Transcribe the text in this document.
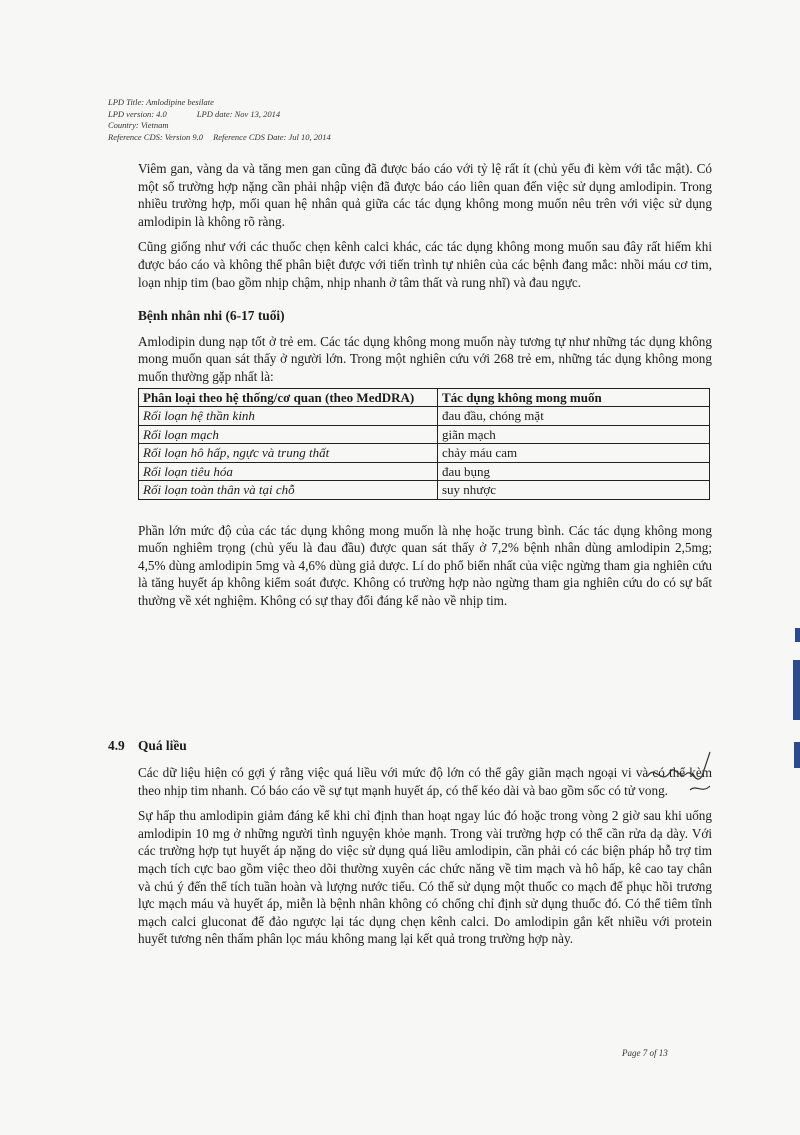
LPD Title: Amlodipine besilate
LPD version: 4.0	LPD date: Nov 13, 2014
Country: Vietnam
Reference CDS: Version 9.0 Reference CDS Date: Jul 10, 2014

Viêm gan, vàng da và tăng men gan cũng đã được báo cáo với tỷ lệ rất ít (chủ yếu đi kèm với tắc mật). Có một số trường hợp nặng cần phải nhập viện đã được báo cáo liên quan đến việc sử dụng amlodipin. Trong nhiều trường hợp, mối quan hệ nhân quả giữa các tác dụng không mong muốn nêu trên với việc sử dụng amlodipin là không rõ ràng.

Cũng giống như với các thuốc chẹn kênh calci khác, các tác dụng không mong muốn sau đây rất hiếm khi được báo cáo và không thể phân biệt được với tiến trình tự nhiên của các bệnh đang mắc: nhồi máu cơ tim, loạn nhịp tim (bao gồm nhịp chậm, nhịp nhanh ở tâm thất và rung nhĩ) và đau ngực.

Bệnh nhân nhi (6-17 tuổi)

Amlodipin dung nạp tốt ở trẻ em. Các tác dụng không mong muốn này tương tự như những tác dụng không mong muốn quan sát thấy ở người lớn. Trong một nghiên cứu với 268 trẻ em, những tác dụng không mong muốn thường gặp nhất là:

Phân loại theo hệ thống/cơ quan (theo MedDRA)	Tác dụng không mong muốn
Rối loạn hệ thần kinh	đau đầu, chóng mặt
Rối loạn mạch	giãn mạch
Rối loạn hô hấp, ngực và trung thất	chảy máu cam
Rối loạn tiêu hóa	đau bụng
Rối loạn toàn thân và tại chỗ	suy nhược

Phần lớn mức độ của các tác dụng không mong muốn là nhẹ hoặc trung bình. Các tác dụng không mong muốn nghiêm trọng (chủ yếu là đau đầu) được quan sát thấy ở 7,2% bệnh nhân dùng amlodipin 2,5mg; 4,5% dùng amlodipin 5mg và 4,6% dùng giả dược. Lí do phổ biến nhất của việc ngừng tham gia nghiên cứu là tăng huyết áp không kiểm soát được. Không có trường hợp nào ngừng tham gia nghiên cứu do có sự bất thường về xét nghiệm. Không có sự thay đổi đáng kể nào về nhịp tim.

4.9 Quá liều

Các dữ liệu hiện có gợi ý rằng việc quá liều với mức độ lớn có thể gây giãn mạch ngoại vi và có thể kèm theo nhịp tim nhanh. Có báo cáo về sự tụt mạnh huyết áp, có thể kéo dài và bao gồm sốc có tử vong.

Sự hấp thu amlodipin giảm đáng kể khi chỉ định than hoạt ngay lúc đó hoặc trong vòng 2 giờ sau khi uống amlodipin 10 mg ở những người tình nguyện khỏe mạnh. Trong vài trường hợp có thể cần rửa dạ dày. Với các trường hợp tụt huyết áp nặng do việc sử dụng quá liều amlodipin, cần phải có các biện pháp hỗ trợ tim mạch tích cực bao gồm việc theo dõi thường xuyên các chức năng về tim mạch và hô hấp, kê cao tay chân và chú ý đến thể tích tuần hoàn và lượng nước tiểu. Có thể sử dụng một thuốc co mạch để phục hồi trương lực mạch máu và huyết áp, miễn là bệnh nhân không có chống chỉ định sử dụng thuốc đó. Có thể tiêm tĩnh mạch calci gluconat để đảo ngược lại tác dụng chẹn kênh calci. Do amlodipin gắn kết nhiều với protein huyết tương nên thẩm phân lọc máu không mang lại kết quả trong trường hợp này.

Page 7 of 13
